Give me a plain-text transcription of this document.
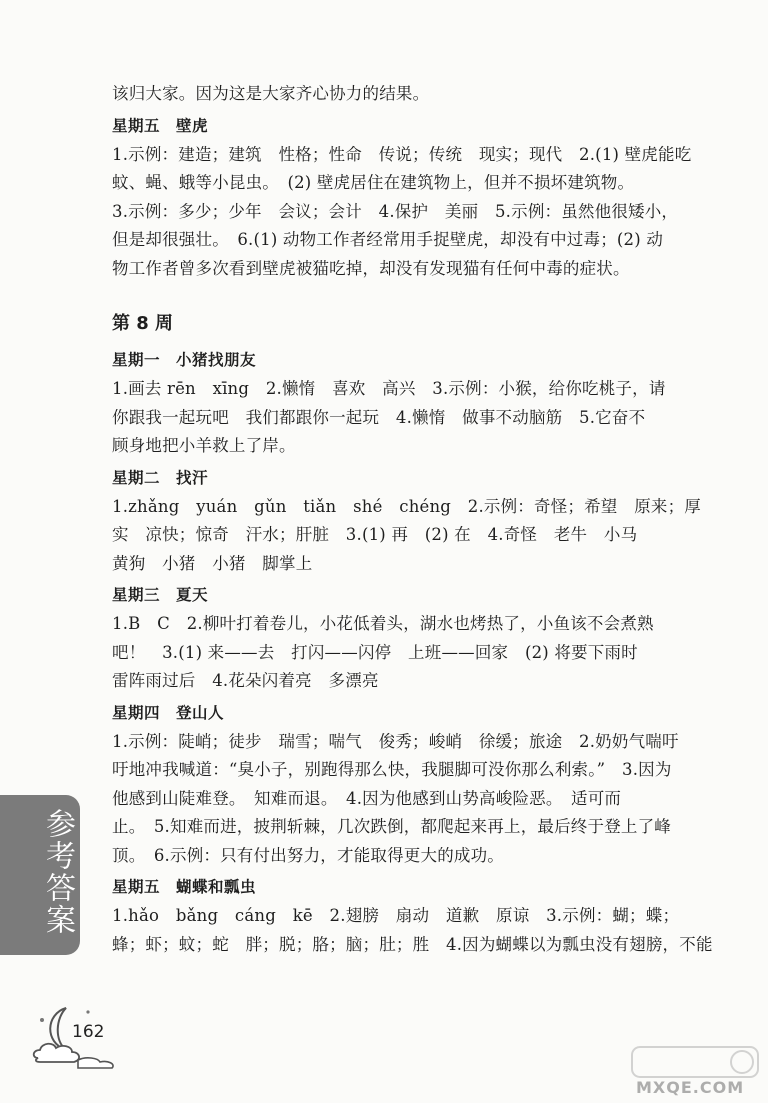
该归大家。因为这是大家齐心协力的结果。

星期五 壁虎

1.示例：建造；建筑　性格；性命　传说；传统　现实；现代　2.(1) 壁虎能吃
蚊、蝇、蛾等小昆虫。　(2) 壁虎居住在建筑物上，但并不损坏建筑物。
3.示例：多少；少年　会议；会计　4.保护　美丽　5.示例：虽然他很矮小，
但是却很强壮。　6.(1) 动物工作者经常用手捉壁虎，却没有中过毒；(2) 动
物工作者曾多次看到壁虎被猫吃掉，却没有发现猫有任何中毒的症状。

第 8 周
星期一 小猪找朋友

1.画去 rēn　xīng　2.懒惰　喜欢　高兴　3.示例：小猴，给你吃桃子，请
你跟我一起玩吧　我们都跟你一起玩　4.懒惰　做事不动脑筋　5.它奋不
顾身地把小羊救上了岸。

星期二 找汗

1.zhǎng　yuán　gǔn　tiǎn　shé　chéng　2.示例：奇怪；希望　原来；厚
实　凉快；惊奇　汗水；肝脏　3.(1) 再　(2) 在　4.奇怪　老牛　小马
黄狗　小猪　小猪　脚掌上

星期三 夏天

1.B　C　2.柳叶打着卷儿，小花低着头，湖水也烤热了，小鱼该不会煮熟
吧！　3.(1) 来——去　打闪——闪停　上班——回家　(2) 将要下雨时
雷阵雨过后　4.花朵闪着亮　多漂亮

星期四 登山人

1.示例：陡峭；徒步　瑞雪；喘气　俊秀；峻峭　徐缓；旅途　2.奶奶气喘吁
吁地冲我喊道：“臭小子，别跑得那么快，我腿脚可没你那么利索。”　3.因为
他感到山陡难登。　知难而退。　4.因为他感到山势高峻险恶。　适可而
止。　5.知难而进，披荆斩棘，几次跌倒，都爬起来再上，最后终于登上了峰
顶。　6.示例：只有付出努力，才能取得更大的成功。

星期五 蝴蝶和瓢虫

1.hǎo　bǎng　cáng　kē　2.翅膀　扇动　道歉　原谅　3.示例：蝴；蝶；
蜂；虾；蚊；蛇　胖；脱；胳；脑；肚；胜　4.因为蝴蝶以为瓢虫没有翅膀，不能

参考答案
162
MXQE.COM
